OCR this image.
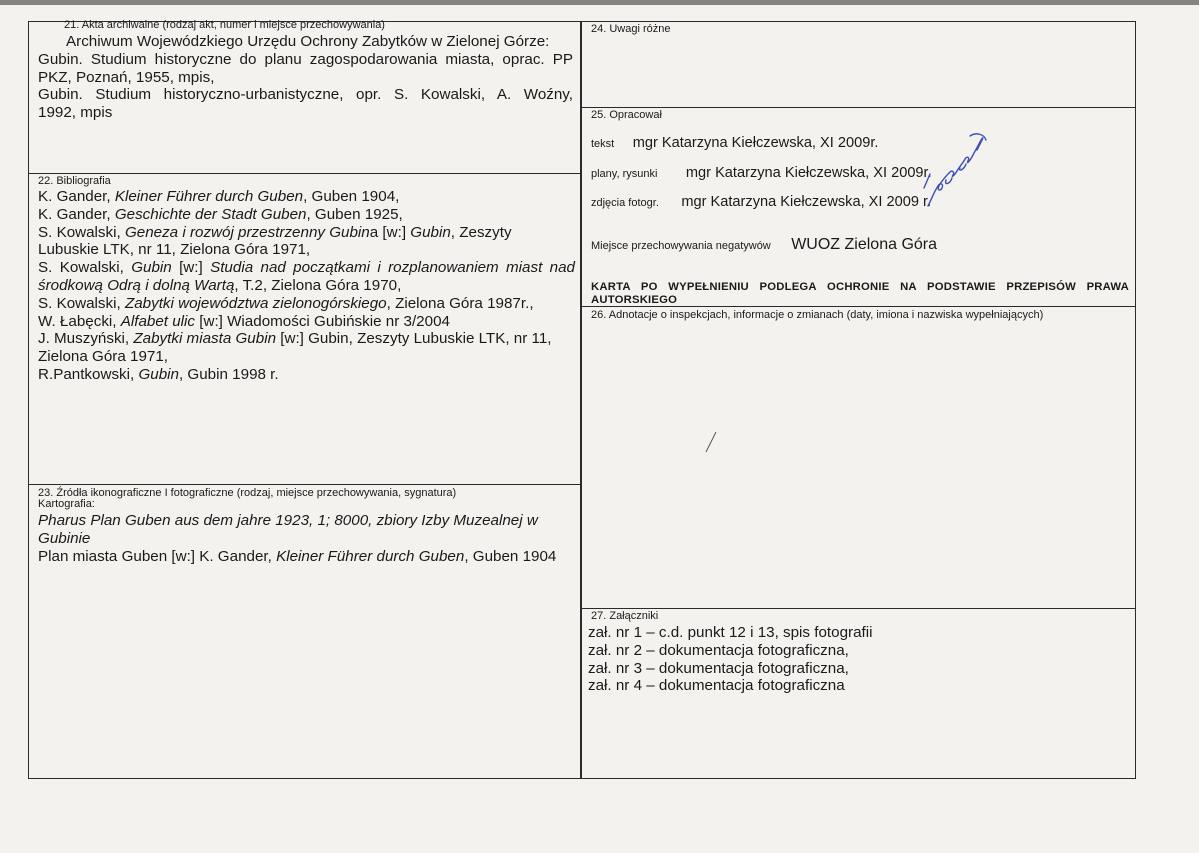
21. Akta archiwalne (rodzaj akt, numer i miejsce przechowywania)

Archiwum Wojewódzkiego Urzędu Ochrony Zabytków w Zielonej Górze:

Gubin. Studium historyczne do planu zagospodarowania miasta, oprac. PP

PKZ, Poznań, 1955, mpis,

Gubin. Studium historyczno-urbanistyczne, opr. S. Kowalski, A. Woźny,

1992, mpis

22. Bibliografia

K. Gander, Kleiner Führer durch Guben, Guben 1904,

K. Gander, Geschichte der Stadt Guben, Guben 1925,

S. Kowalski, Geneza i rozwój przestrzenny Gubina [w:] Gubin, Zeszyty Lubuskie LTK, nr 11, Zielona Góra 1971,

S. Kowalski, Gubin [w:] Studia nad początkami i rozplanowaniem miast nad środkową Odrą i dolną Wartą, T.2, Zielona Góra 1970,

S. Kowalski, Zabytki województwa zielonogórskiego, Zielona Góra 1987r.,

W. Łabęcki, Alfabet ulic [w:] Wiadomości Gubińskie nr 3/2004

J. Muszyński, Zabytki miasta Gubin [w:] Gubin, Zeszyty Lubuskie LTK, nr 11, Zielona Góra 1971,

R.Pantkowski, Gubin, Gubin 1998 r.

23. Źródła ikonograficzne I fotograficzne (rodzaj, miejsce przechowywania, sygnatura)
Kartografia:

Pharus Plan Guben aus dem jahre 1923, 1; 8000, zbiory Izby Muzealnej w Gubinie

Plan miasta Guben [w:] K. Gander, Kleiner Führer durch Guben, Guben 1904

24. Uwagi różne
25. Opracował
tekst mgr Katarzyna Kiełczewska, XI 2009r.
plany, rysunki mgr Katarzyna Kiełczewska, XI 2009r.
zdjęcia fotogr. mgr Katarzyna Kiełczewska, XI 2009 r.
Miejsce przechowywania negatywów WUOZ Zielona Góra
KARTA PO WYPEŁNIENIU PODLEGA OCHRONIE NA PODSTAWIE PRZEPISÓW PRAWA AUTORSKIEGO
26. Adnotacje o inspekcjach, informacje o zmianach (daty, imiona i nazwiska wypełniających)
27. Załączniki

zał. nr 1 – c.d. punkt 12 i 13, spis fotografii

zał. nr 2 – dokumentacja fotograficzna,

zał. nr 3 – dokumentacja fotograficzna,

zał. nr 4 – dokumentacja fotograficzna
